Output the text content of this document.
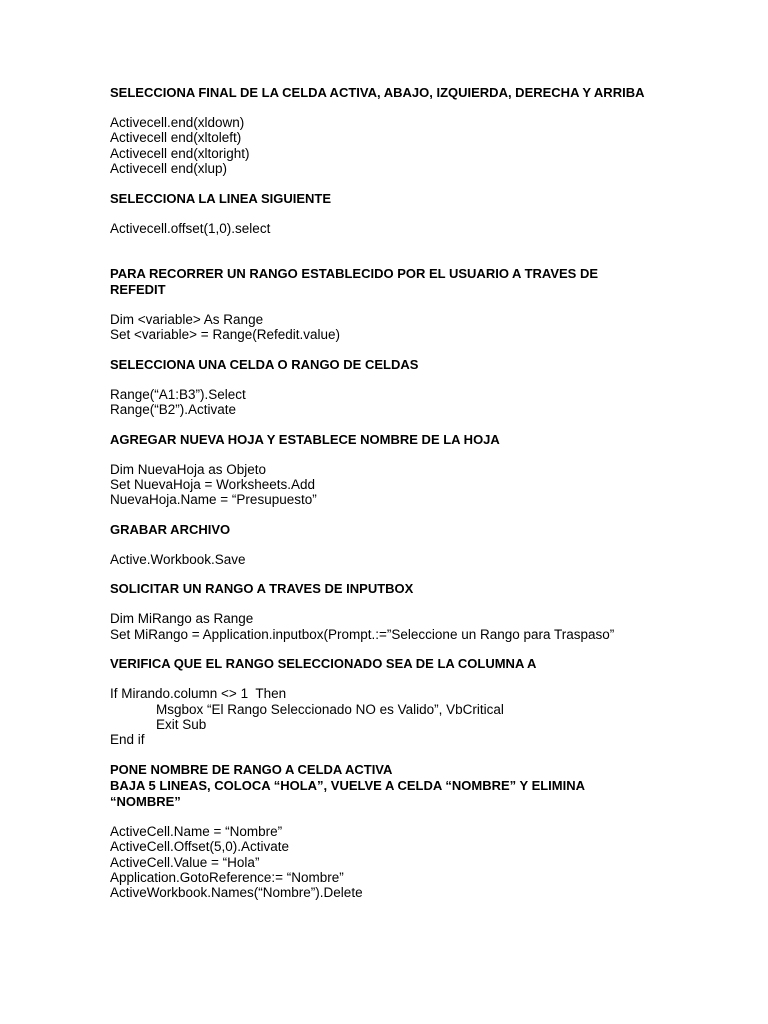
SELECCIONA FINAL DE LA CELDA ACTIVA, ABAJO, IZQUIERDA, DERECHA Y ARRIBA

Activecell.end(xldown)

Activecell end(xltoleft)

Activecell end(xltoright)

Activecell end(xlup)

SELECCIONA LA LINEA SIGUIENTE

Activecell.offset(1,0).select

PARA RECORRER UN RANGO ESTABLECIDO POR EL USUARIO A TRAVES DE

REFEDIT

Dim <variable> As Range

Set <variable> = Range(Refedit.value)

SELECCIONA UNA CELDA O RANGO DE CELDAS

Range(“A1:B3”).Select

Range(“B2”).Activate

AGREGAR NUEVA HOJA Y ESTABLECE NOMBRE DE LA HOJA

Dim NuevaHoja as Objeto

Set NuevaHoja = Worksheets.Add

NuevaHoja.Name = “Presupuesto”

GRABAR ARCHIVO

Active.Workbook.Save

SOLICITAR UN RANGO A TRAVES DE INPUTBOX

Dim MiRango as Range

Set MiRango = Application.inputbox(Prompt.:=”Seleccione un Rango para Traspaso”

VERIFICA QUE EL RANGO SELECCIONADO SEA DE LA COLUMNA A

If Mirando.column <> 1  Then

Msgbox “El Rango Seleccionado NO es Valido”, VbCritical

Exit Sub

End if

PONE NOMBRE DE RANGO A CELDA ACTIVA

BAJA 5 LINEAS, COLOCA “HOLA”, VUELVE A CELDA “NOMBRE” Y ELIMINA

“NOMBRE”

ActiveCell.Name = “Nombre”

ActiveCell.Offset(5,0).Activate

ActiveCell.Value = “Hola”

Application.GotoReference:= “Nombre”

ActiveWorkbook.Names(“Nombre”).Delete
